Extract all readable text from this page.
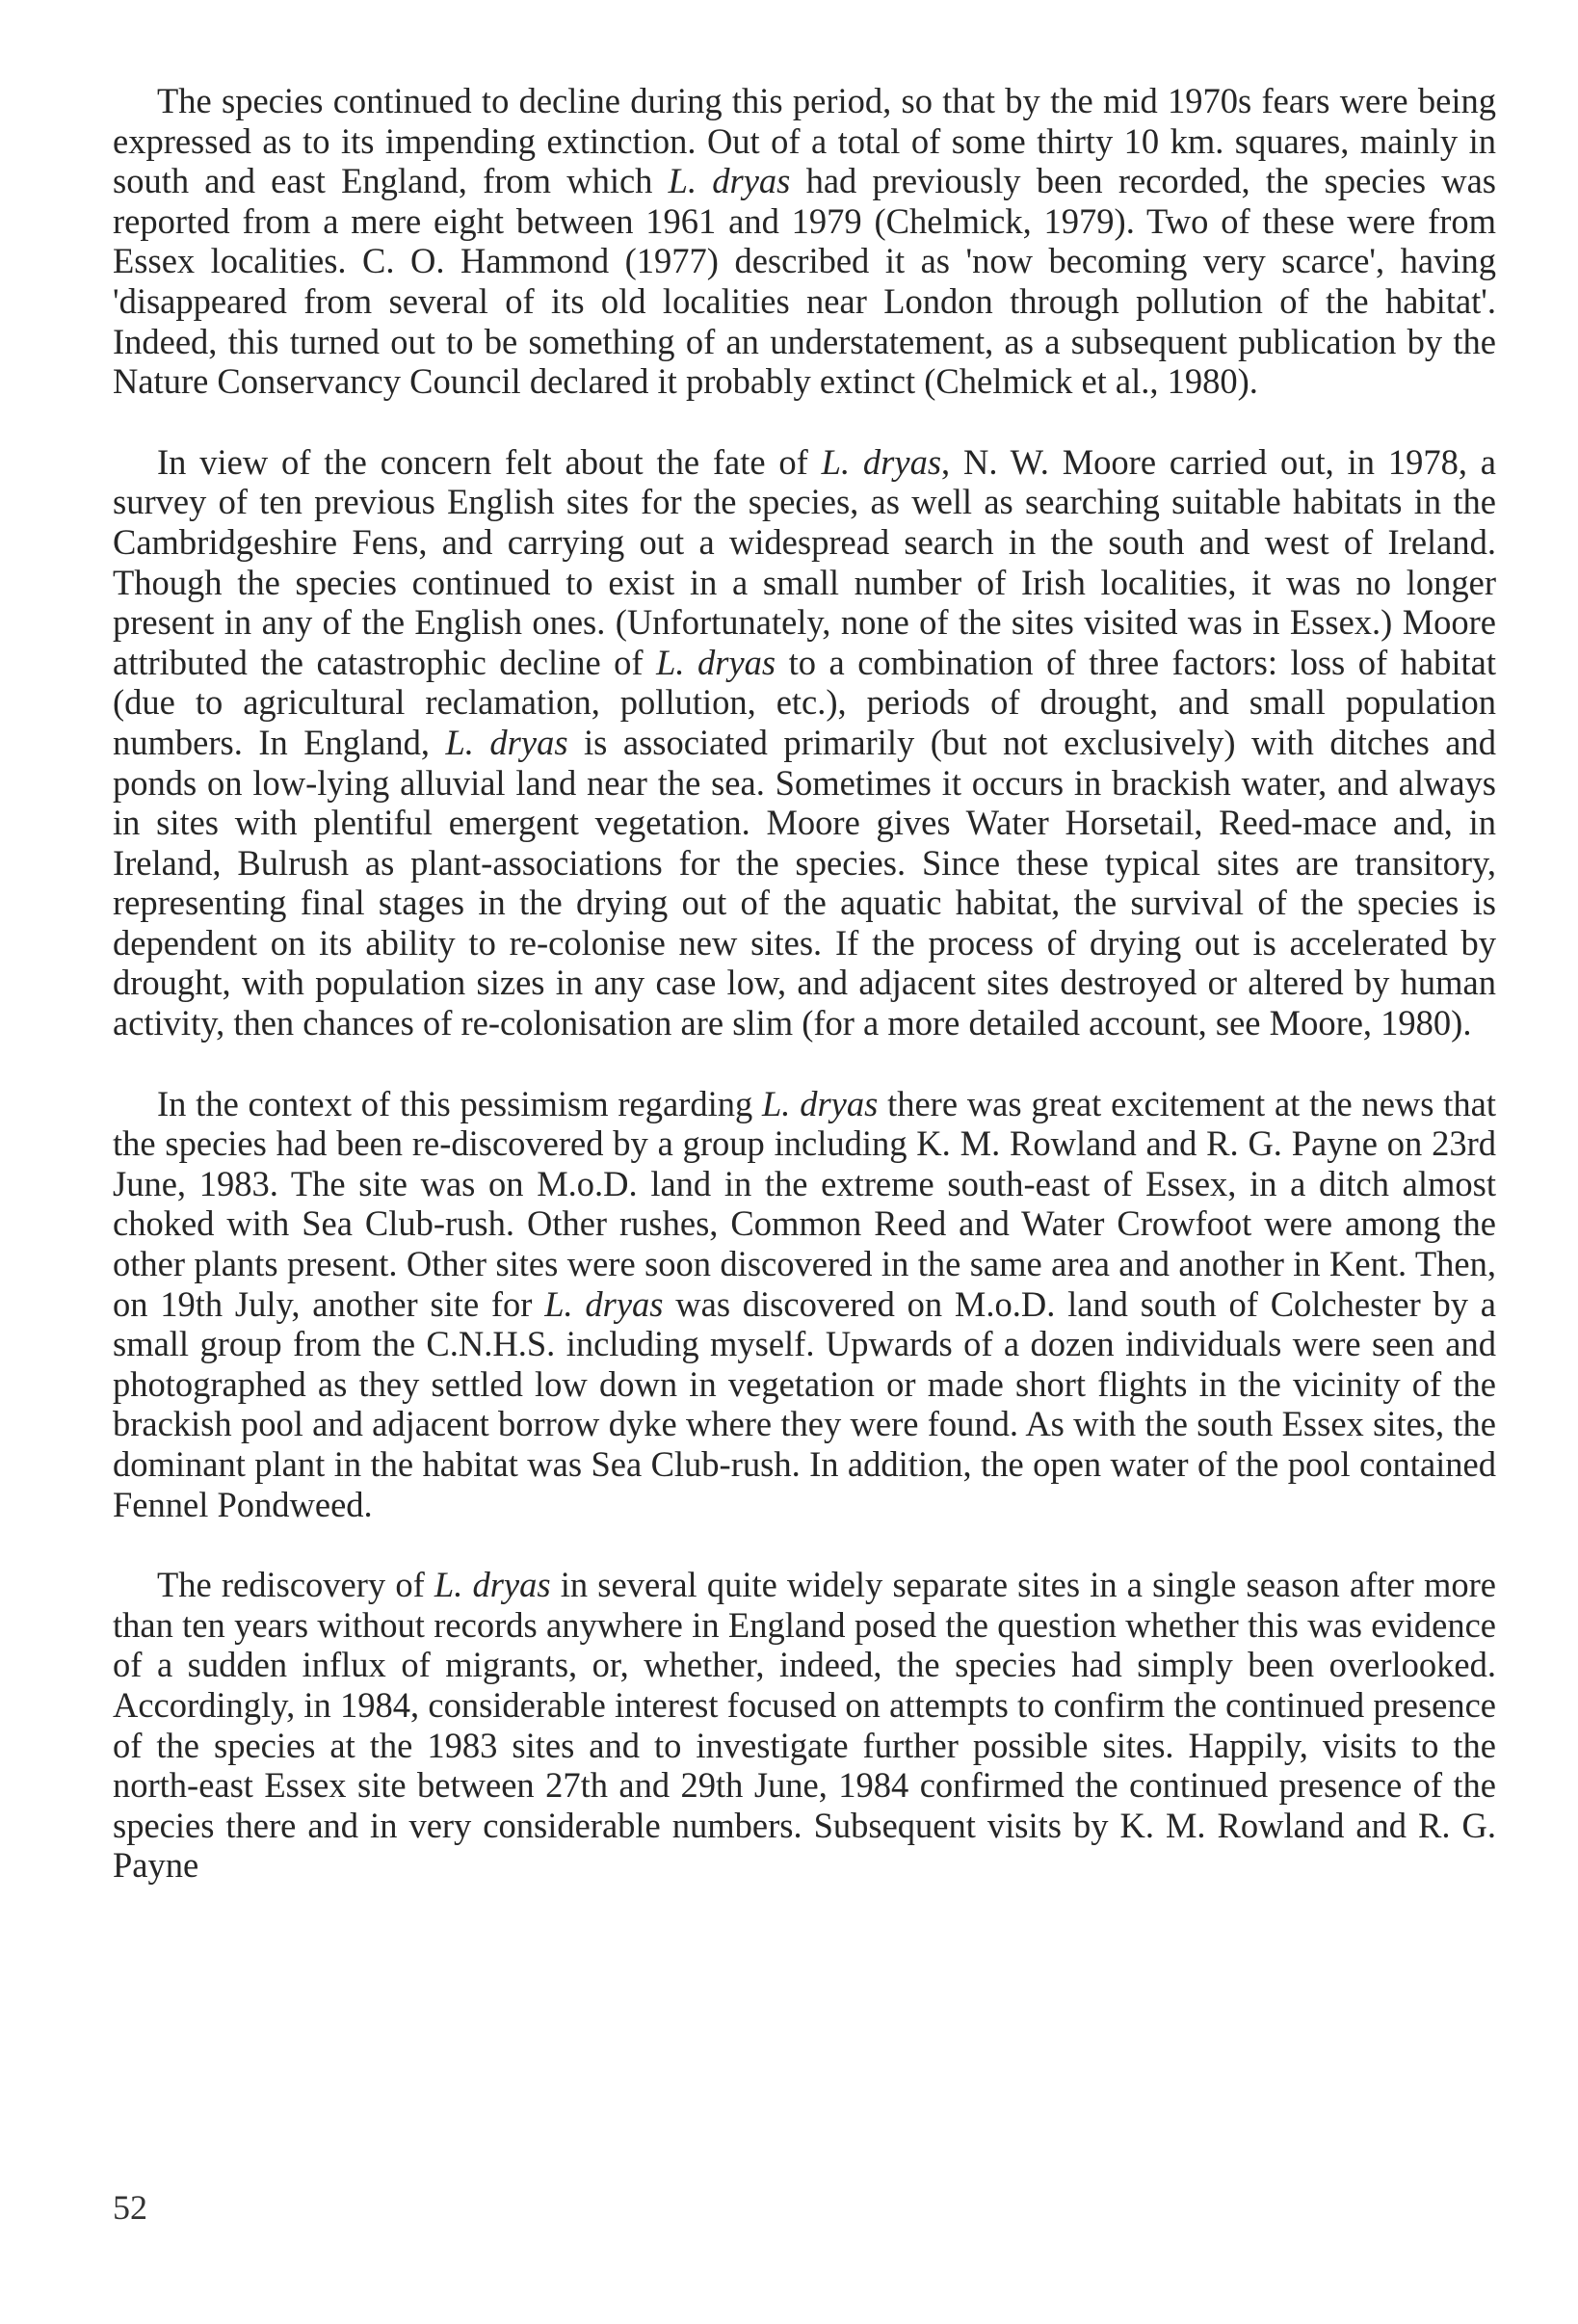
The species continued to decline during this period, so that by the mid 1970s fears were being expressed as to its impending extinction. Out of a total of some thirty 10 km. squares, mainly in south and east England, from which L. dryas had previously been recorded, the species was reported from a mere eight between 1961 and 1979 (Chelmick, 1979). Two of these were from Essex localities. C. O. Hammond (1977) described it as 'now becoming very scarce', having 'disappeared from several of its old localities near London through pollution of the habitat'. Indeed, this turned out to be something of an understatement, as a subsequent publication by the Nature Conservancy Council declared it probably extinct (Chelmick et al., 1980).

In view of the concern felt about the fate of L. dryas, N. W. Moore carried out, in 1978, a survey of ten previous English sites for the species, as well as searching suitable habitats in the Cambridgeshire Fens, and carrying out a widespread search in the south and west of Ireland. Though the species continued to exist in a small number of Irish localities, it was no longer present in any of the English ones. (Unfortunately, none of the sites visited was in Essex.) Moore attributed the catastrophic decline of L. dryas to a combination of three factors: loss of habitat (due to agricultural reclamation, pollution, etc.), periods of drought, and small population numbers. In England, L. dryas is associated primarily (but not exclusively) with ditches and ponds on low-lying alluvial land near the sea. Sometimes it occurs in brackish water, and always in sites with plentiful emergent vegetation. Moore gives Water Horsetail, Reed-mace and, in Ireland, Bulrush as plant-associations for the species. Since these typical sites are transitory, representing final stages in the drying out of the aquatic habitat, the survival of the species is dependent on its ability to re-colonise new sites. If the process of drying out is accelerated by drought, with population sizes in any case low, and adjacent sites destroyed or altered by human activity, then chances of re-colonisation are slim (for a more detailed account, see Moore, 1980).

In the context of this pessimism regarding L. dryas there was great excitement at the news that the species had been re-discovered by a group including K. M. Rowland and R. G. Payne on 23rd June, 1983. The site was on M.o.D. land in the extreme south-east of Essex, in a ditch almost choked with Sea Club-rush. Other rushes, Common Reed and Water Crowfoot were among the other plants present. Other sites were soon discovered in the same area and another in Kent. Then, on 19th July, another site for L. dryas was discovered on M.o.D. land south of Colchester by a small group from the C.N.H.S. including myself. Upwards of a dozen individuals were seen and photographed as they settled low down in vegetation or made short flights in the vicinity of the brackish pool and adjacent borrow dyke where they were found. As with the south Essex sites, the dominant plant in the habitat was Sea Club-rush. In addition, the open water of the pool contained Fennel Pondweed.

The rediscovery of L. dryas in several quite widely separate sites in a single season after more than ten years without records anywhere in England posed the question whether this was evidence of a sudden influx of migrants, or, whether, indeed, the species had simply been overlooked. Accordingly, in 1984, considerable interest focused on attempts to confirm the continued presence of the species at the 1983 sites and to investigate further possible sites. Happily, visits to the north-east Essex site between 27th and 29th June, 1984 confirmed the continued presence of the species there and in very considerable numbers. Subsequent visits by K. M. Rowland and R. G. Payne

52
